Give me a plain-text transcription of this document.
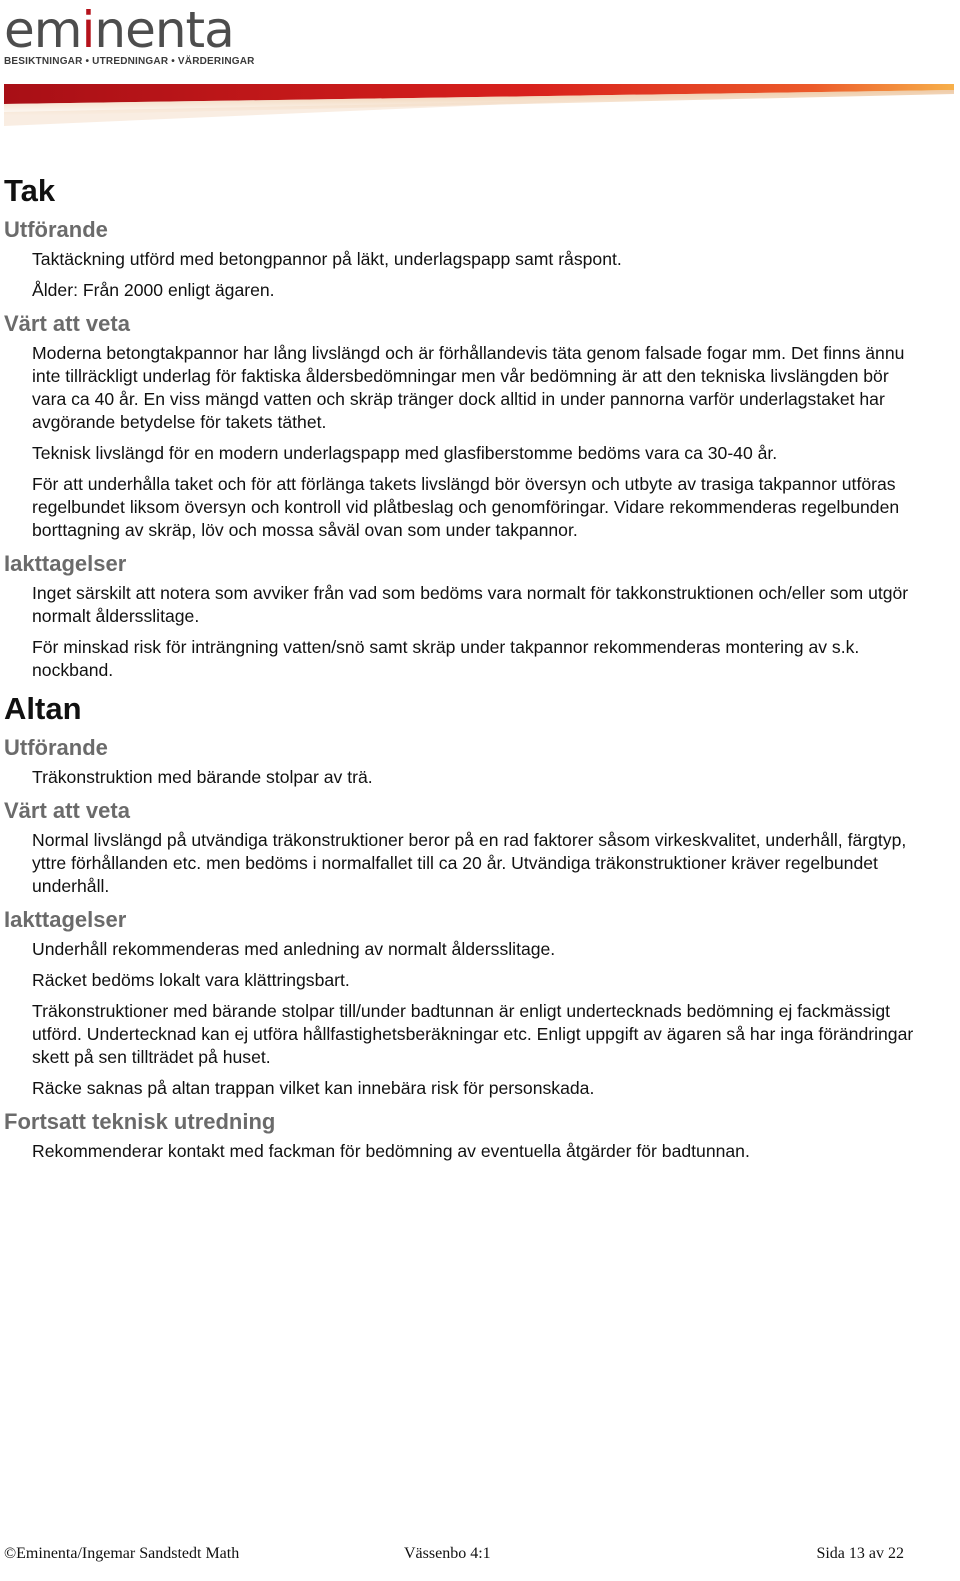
eminenta
BESIKTNINGAR • UTREDNINGAR • VÄRDERINGAR
Tak
Utförande
Taktäckning utförd med betongpannor på läkt, underlagspapp samt råspont.
Ålder: Från 2000 enligt ägaren.
Värt att veta
Moderna betongtakpannor har lång livslängd och är förhållandevis täta genom falsade fogar mm. Det finns ännu inte tillräckligt underlag för faktiska åldersbedömningar men vår bedömning är att den tekniska livslängden bör vara ca 40 år. En viss mängd vatten och skräp tränger dock alltid in under pannorna varför underlagstaket har avgörande betydelse för takets täthet.
Teknisk livslängd för en modern underlagspapp med glasfiberstomme bedöms vara ca 30-40 år.
För att underhålla taket och för att förlänga takets livslängd bör översyn och utbyte av trasiga takpannor utföras regelbundet liksom översyn och kontroll vid plåtbeslag och genomföringar. Vidare rekommenderas regelbunden borttagning av skräp, löv och mossa såväl ovan som under takpannor.
Iakttagelser
Inget särskilt att notera som avviker från vad som bedöms vara normalt för takkonstruktionen och/eller som utgör normalt åldersslitage.
För minskad risk för inträngning vatten/snö samt skräp under takpannor rekommenderas montering av s.k. nockband.
Altan
Utförande
Träkonstruktion med bärande stolpar av trä.
Värt att veta
Normal livslängd på utvändiga träkonstruktioner beror på en rad faktorer såsom virkeskvalitet, underhåll, färgtyp, yttre förhållanden etc. men bedöms i normalfallet till ca 20 år. Utvändiga träkonstruktioner kräver regelbundet underhåll.
Iakttagelser
Underhåll rekommenderas med anledning av normalt åldersslitage.
Räcket bedöms lokalt vara klättringsbart.
Träkonstruktioner med bärande stolpar till/under badtunnan är enligt undertecknads bedömning ej fackmässigt utförd. Undertecknad kan ej utföra hållfastighetsberäkningar etc. Enligt uppgift av ägaren så har inga förändringar skett på sen tillträdet på huset.
Räcke saknas på altan trappan vilket kan innebära risk för personskada.
Fortsatt teknisk utredning
Rekommenderar kontakt med fackman för bedömning av eventuella åtgärder för badtunnan.
©Eminenta/Ingemar Sandstedt Math	Vässenbo 4:1	Sida 13 av 22
